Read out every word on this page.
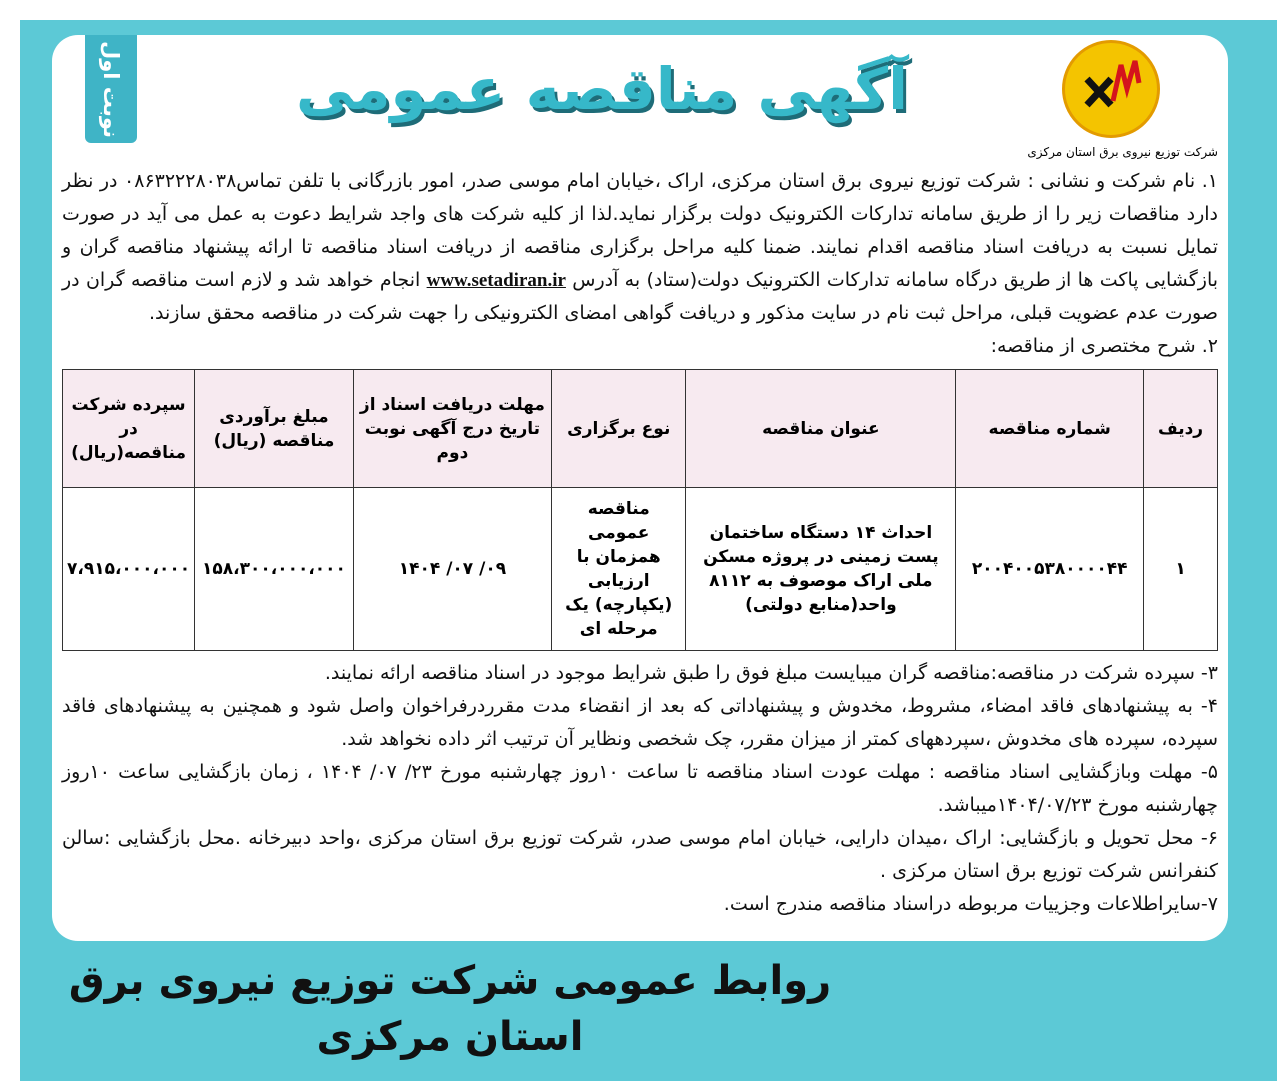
نوبت اول	آگهی مناقصه عمومی
شرکت توزیع نیروی برق استان مرکزی

۱. نام شرکت و نشانی : شرکت توزیع نیروی برق استان مرکزی، اراک ،خیابان امام موسی صدر، امور بازرگانی با تلفن تماس۰۸۶۳۲۲۲۸۰۳۸ در نظر دارد مناقصات زیر را از طریق سامانه تدارکات الکترونیک دولت برگزار نماید.لذا از کلیه شرکت های واجد شرایط دعوت به عمل می آید در صورت تمایل نسبت به دریافت اسناد مناقصه اقدام نمایند. ضمنا کلیه مراحل برگزاری مناقصه از دریافت اسناد مناقصه تا ارائه پیشنهاد مناقصه گران و بازگشایی پاکت ها از طریق درگاه سامانه تدارکات الکترونیک دولت(ستاد) به آدرس www.setadiran.ir انجام خواهد شد و لازم است مناقصه گران در صورت عدم عضویت قبلی، مراحل ثبت نام در سایت مذکور و دریافت گواهی امضای الکترونیکی را جهت شرکت در مناقصه محقق سازند.

۲. شرح مختصری از مناقصه:

ردیف	شماره مناقصه	عنوان مناقصه	نوع برگزاری	مهلت دریافت اسناد از تاریخ درج آگهی نوبت دوم	مبلغ برآوردی مناقصه (ریال)	سپرده شرکت در مناقصه(ریال)
۱	۲۰۰۴۰۰۵۳۸۰۰۰۰۴۴	احداث ۱۴ دستگاه ساختمان پست زمینی در پروژه مسکن ملی اراک موصوف به ۸۱۱۲ واحد(منابع دولتی)	مناقصه عمومی همزمان با ارزیابی (یکپارچه) یک مرحله ای	۰۹/ ۰۷/ ۱۴۰۴	۱۵۸،۳۰۰،۰۰۰،۰۰۰	۷،۹۱۵،۰۰۰،۰۰۰

۳- سپرده شرکت در مناقصه:مناقصه گران میبایست مبلغ فوق را طبق شرایط موجود در اسناد مناقصه ارائه نمایند.

۴- به پیشنهادهای فاقد امضاء، مشروط، مخدوش و پیشنهاداتی که بعد از انقضاء مدت مقرردرفراخوان واصل شود و همچنین به پیشنهادهای فاقد سپرده، سپرده های مخدوش ،سپردههای کمتر از میزان مقرر، چک شخصی ونظایر آن ترتیب اثر داده نخواهد شد.

۵- مهلت وبازگشایی اسناد مناقصه : مهلت عودت اسناد مناقصه تا ساعت ۱۰روز چهارشنبه مورخ ۲۳/ ۰۷/ ۱۴۰۴ ، زمان بازگشایی ساعت ۱۰روز چهارشنبه مورخ ۱۴۰۴/۰۷/۲۳میباشد.

۶- محل تحویل و بازگشایی: اراک ،میدان دارایی، خیابان امام موسی صدر، شرکت توزیع برق استان مرکزی ،واحد دبیرخانه .محل بازگشایی :سالن کنفرانس شرکت توزیع برق استان مرکزی .

۷-سایراطلاعات وجزییات مربوطه دراسناد مناقصه مندرج است.

روابط عمومی شرکت توزیع نیروی برق استان مرکزی
